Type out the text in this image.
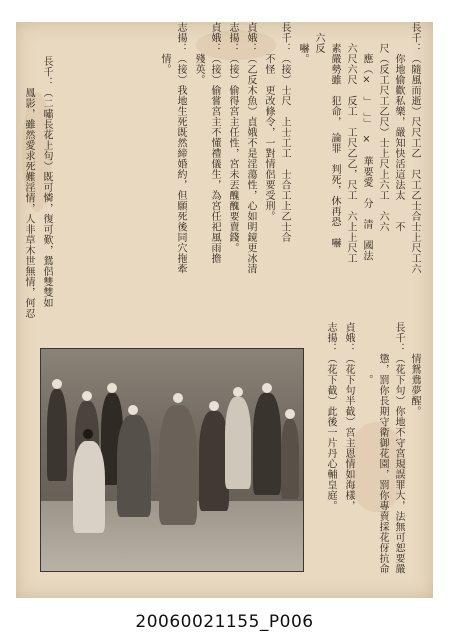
長千：（隨風而逝）尺尺工乙　尺工乙士合士上尺工六
　　　你地偷歡私樂，嚴知快活這法太　　不
　　尺（反工尺工乙尺）士上尺上六工　六六
　　　應（×　」　」」　×　華要愛　分　清　國法
　　六尺六尺　反工　工尺乙乙，尺工　六上上尺工
　　素嚴勢雖　犯命，　論罪　判死，休再恐　嚇
　六反
　　嚇。
長千：（接）士尺　上士工工　士合工上乙士合
　　　不怪　更改條令，一對情侶要受刑。
貞娥：（乙反木魚）貞娥不是淫蕩性，心如明鏡更冰清
志揚：（接）偷得宮主任性，宮未丟醜醜要賣錢。
貞娥：（接）偷嘗宮主不懂禮儀生，為宮任祀風雨擔
　　　殘英。
志揚：（接）我地生死既然締婚約，但願死後同穴拖牽
　　　情。
長千：（二嘯長花上句）既可憐，復可歎，鴛侶雙雙如
　　　鳳影，雖然愛求死難淫情，人非草木世無情，何忍
　　　情鴛鴦夢醒。
長千：（花下句）你地不守宮規誤罪大，法無可恕要嚴
　　　懲，罰你長期守衛御花園，罰你專賣採花伢抗命
　　　　　。
貞娥：（花下句半截）宮主恩情如海樣，
志揚：（花下截）此後一片丹心輔皇庭。
20060021155_P006
